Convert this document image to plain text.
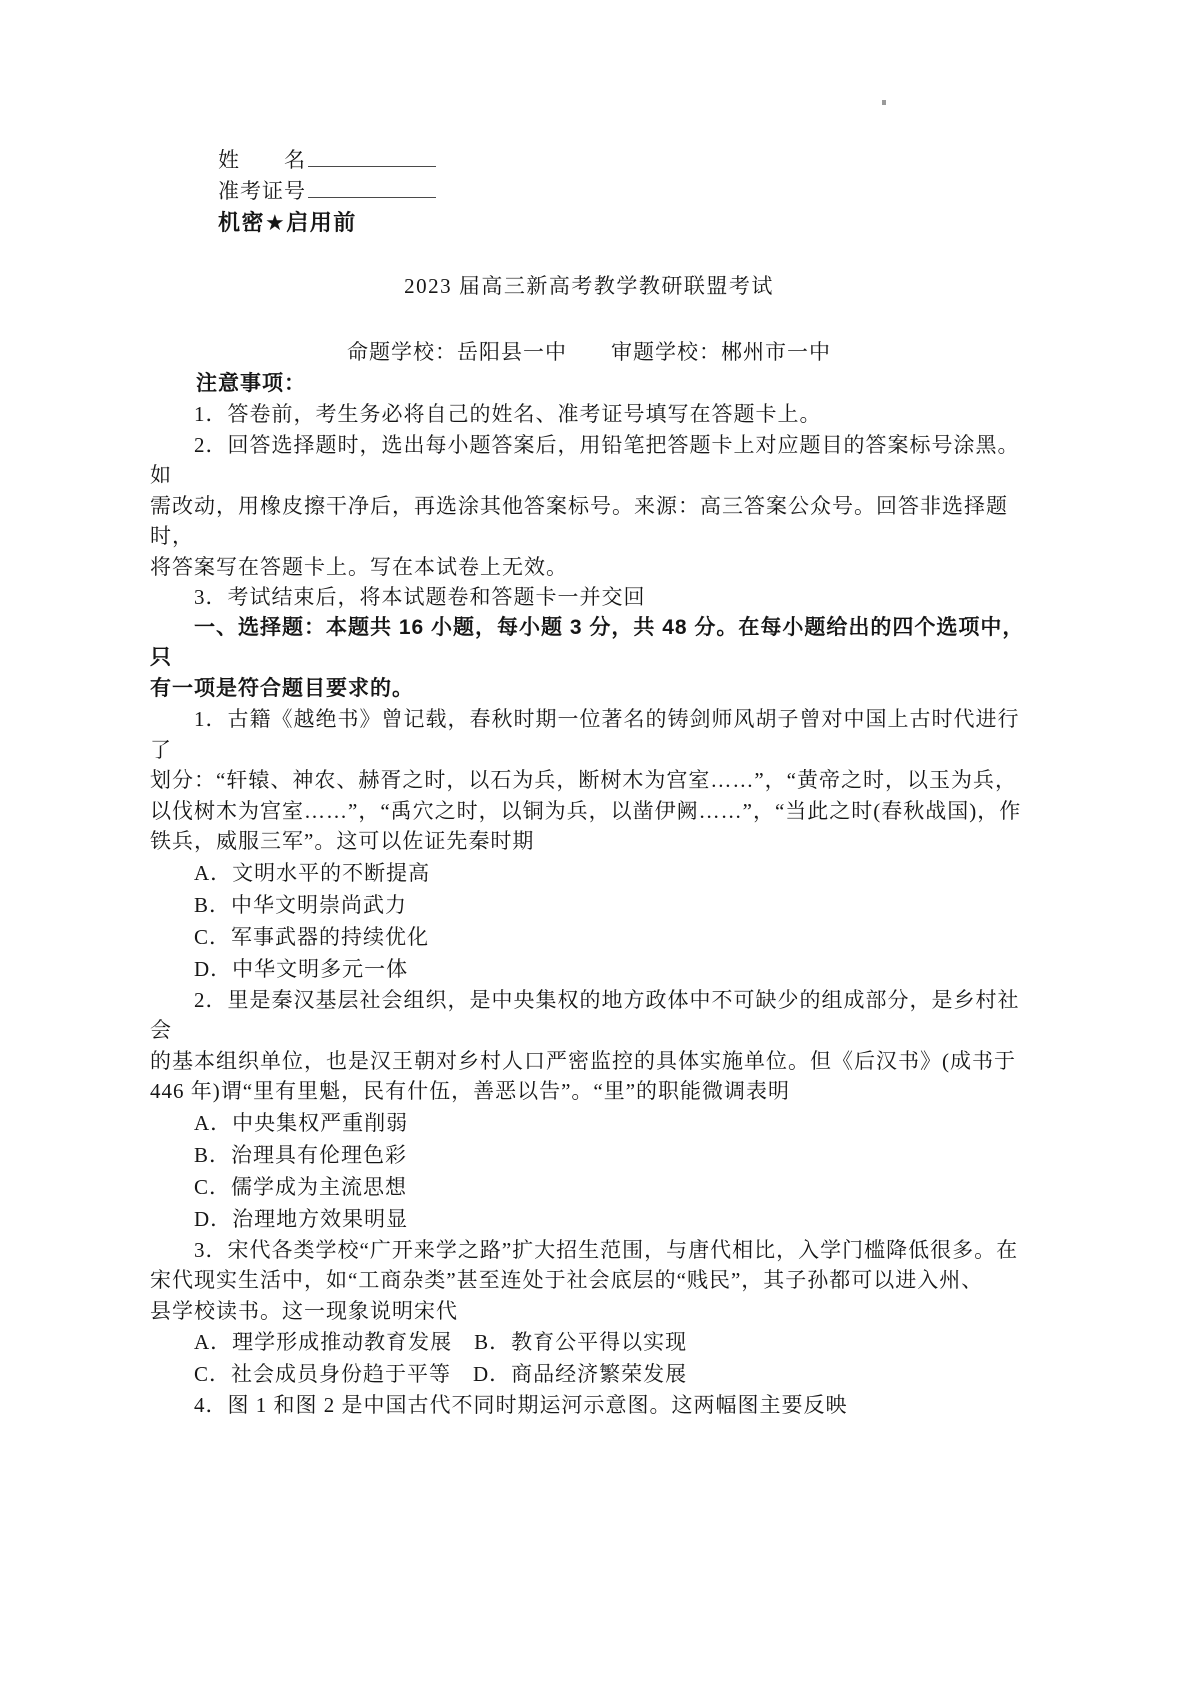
姓　　名
准考证号
机密★启用前
2023 届高三新高考教学教研联盟考试
命题学校：岳阳县一中　　审题学校：郴州市一中
注意事项：
　　1．答卷前，考生务必将自己的姓名、准考证号填写在答题卡上。
　　2．回答选择题时，选出每小题答案后，用铅笔把答题卡上对应题目的答案标号涂黑。如
需改动，用橡皮擦干净后，再选涂其他答案标号。来源：高三答案公众号。回答非选择题时，
将答案写在答题卡上。写在本试卷上无效。
　　3．考试结束后，将本试题卷和答题卡一并交回
　　一、选择题：本题共 16 小题，每小题 3 分，共 48 分。在每小题给出的四个选项中，只
有一项是符合题目要求的。
　　1．古籍《越绝书》曾记载，春秋时期一位著名的铸剑师风胡子曾对中国上古时代进行了
划分：“轩辕、神农、赫胥之时，以石为兵，断树木为宫室……”，“黄帝之时，以玉为兵，
以伐树木为宫室……”，“禹穴之时，以铜为兵，以凿伊阙……”，“当此之时(春秋战国)，作
铁兵，威服三军”。这可以佐证先秦时期
　　A．文明水平的不断提高
　　B．中华文明崇尚武力
　　C．军事武器的持续优化
　　D．中华文明多元一体
　　2．里是秦汉基层社会组织，是中央集权的地方政体中不可缺少的组成部分，是乡村社会
的基本组织单位，也是汉王朝对乡村人口严密监控的具体实施单位。但《后汉书》(成书于
446 年)谓“里有里魁，民有什伍，善恶以告”。“里”的职能微调表明
　　A．中央集权严重削弱
　　B．治理具有伦理色彩
　　C．儒学成为主流思想
　　D．治理地方效果明显
　　3．宋代各类学校“广开来学之路”扩大招生范围，与唐代相比，入学门槛降低很多。在
宋代现实生活中，如“工商杂类”甚至连处于社会底层的“贱民”，其子孙都可以进入州、
县学校读书。这一现象说明宋代
　　A．理学形成推动教育发展　B．教育公平得以实现
　　C．社会成员身份趋于平等　D．商品经济繁荣发展
　　4．图 1 和图 2 是中国古代不同时期运河示意图。这两幅图主要反映
